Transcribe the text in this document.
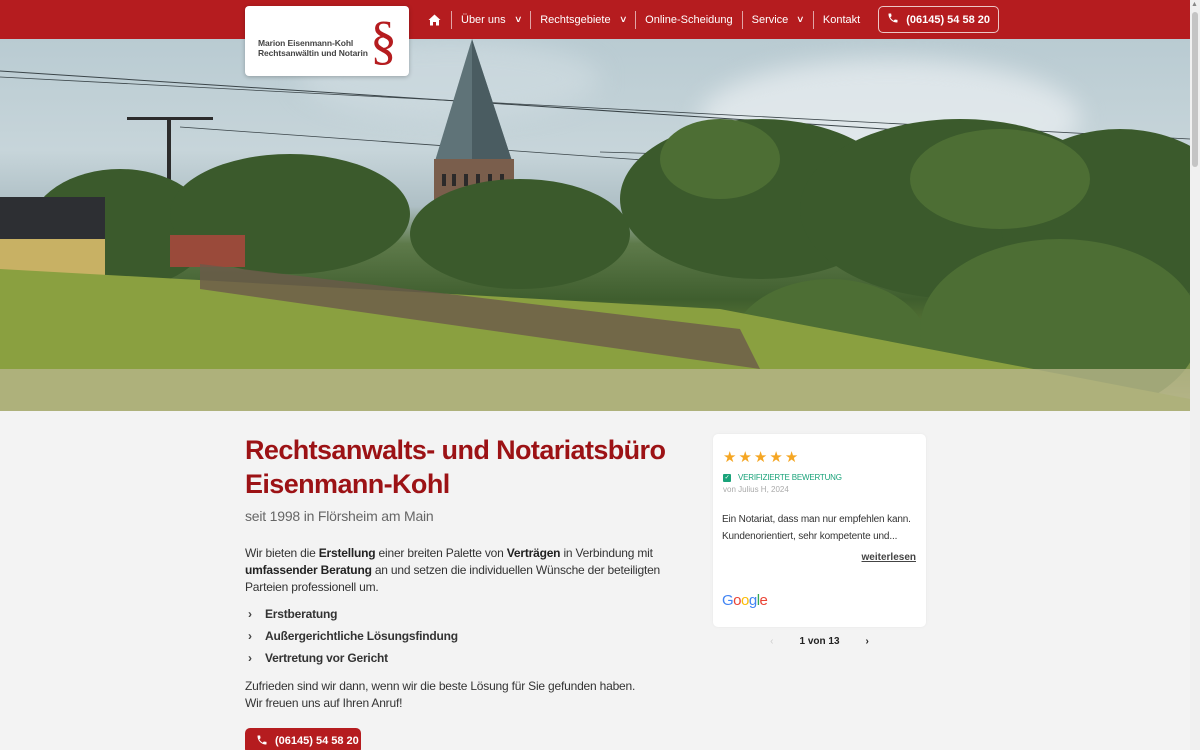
Marion Eisenmann-Kohl
Rechtsanwältin und Notarin §	Über uns ∨ Rechtsgebiete ∨ Online-Scheidung Service ∨ Kontakt	(06145) 54 58 20
▲
Rechtsanwalts- und Notariatsbüro
Eisenmann-Kohl
seit 1998 in Flörsheim am Main

Wir bieten die Erstellung einer breiten Palette von Verträgen in Verbindung mit umfassender Beratung an und setzen die individuellen Wünsche der beteiligten Parteien professionell um.

›	Erstberatung
›	Außergerichtliche Lösungsfindung
›	Vertretung vor Gericht
Zufrieden sind wir dann, wenn wir die beste Lösung für Sie gefunden haben.
Wir freuen uns auf Ihren Anruf!
(06145) 54 58 20
★ ★ ★ ★ ★
✓ VERIFIZIERTE BEWERTUNG
von Julius H, 2024
Ein Notariat, dass man nur empfehlen kann. Kundenorientiert, sehr kompetente und...
weiterlesen
Google
‹	1 von 13	›
